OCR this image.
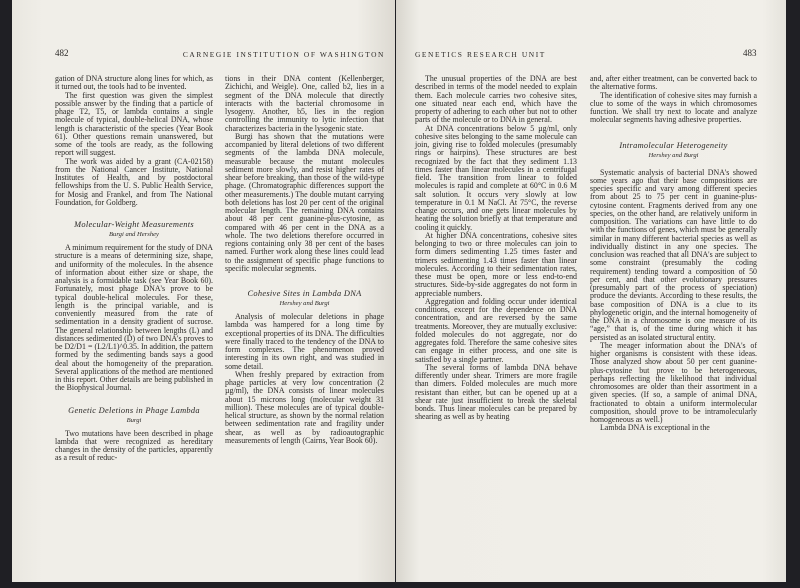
482	CARNEGIE INSTITUTION OF WASHINGTON

gation of DNA structure along lines for which, as it turned out, the tools had to be invented.

The first question was given the simplest possible answer by the finding that a particle of phage T2, T5, or lambda contains a single molecule of typical, double-helical DNA, whose length is characteristic of the species (Year Book 61). Other questions remain unanswered, but some of the tools are ready, as the following report will suggest.

The work was aided by a grant (CA-02158) from the National Cancer Institute, National Institutes of Health, and by postdoctoral fellowships from the U. S. Public Health Service, for Mosig and Frankel, and from The National Foundation, for Goldberg.

Molecular-Weight Measurements
Burgi and Hershey

A minimum requirement for the study of DNA structure is a means of determining size, shape, and uniformity of the molecules. In the absence of information about either size or shape, the analysis is a formidable task (see Year Book 60). Fortunately, most phage DNA's prove to be typical double-helical molecules. For these, length is the principal variable, and is conveniently measured from the rate of sedimentation in a density gradient of sucrose. The general relationship between lengths (L) and distances sedimented (D) of two DNA's proves to be D2/D1 = (L2/L1)^0.35. In addition, the pattern formed by the sedimenting bands says a good deal about the homogeneity of the preparation. Several applications of the method are mentioned in this report. Other details are being published in the Biophysical Journal.

Genetic Deletions in Phage Lambda
Burgi

Two mutations have been described in phage lambda that were recognized as hereditary changes in the density of the particles, apparently as a result of reduc-

tions in their DNA content (Kellenberger, Zichichi, and Weigle). One, called b2, lies in a segment of the DNA molecule that directly interacts with the bacterial chromosome in lysogeny. Another, b5, lies in the region controlling the immunity to lytic infection that characterizes bacteria in the lysogenic state.

Burgi has shown that the mutations were accompanied by literal deletions of two different segments of the lambda DNA molecule, measurable because the mutant molecules sediment more slowly, and resist higher rates of shear before breaking, than those of the wild-type phage. (Chromatographic differences support the other measurements.) The double mutant carrying both deletions has lost 20 per cent of the original molecular length. The remaining DNA contains about 48 per cent guanine-plus-cytosine, as compared with 46 per cent in the DNA as a whole. The two deletions therefore occurred in regions containing only 38 per cent of the bases named. Further work along these lines could lead to the assignment of specific phage functions to specific molecular segments.

Cohesive Sites in Lambda DNA
Hershey and Burgi

Analysis of molecular deletions in phage lambda was hampered for a long time by exceptional properties of its DNA. The difficulties were finally traced to the tendency of the DNA to form complexes. The phenomenon proved interesting in its own right, and was studied in some detail.

When freshly prepared by extraction from phage particles at very low concentration (2 µg/ml), the DNA consists of linear molecules about 15 microns long (molecular weight 31 million). These molecules are of typical double-helical structure, as shown by the normal relation between sedimentation rate and fragility under shear, as well as by radioautographic measurements of length (Cairns, Year Book 60).

GENETICS RESEARCH UNIT	483

The unusual properties of the DNA are best described in terms of the model needed to explain them. Each molecule carries two cohesive sites, one situated near each end, which have the property of adhering to each other but not to other parts of the molecule or to DNA in general.

At DNA concentrations below 5 µg/ml, only cohesive sites belonging to the same molecule can join, giving rise to folded molecules (presumably rings or hairpins). These structures are best recognized by the fact that they sediment 1.13 times faster than linear molecules in a centrifugal field. The transition from linear to folded molecules is rapid and complete at 60°C in 0.6 M salt solution. It occurs very slowly at low temperature in 0.1 M NaCl. At 75°C, the reverse change occurs, and one gets linear molecules by heating the solution briefly at that temperature and cooling it quickly.

At higher DNA concentrations, cohesive sites belonging to two or three molecules can join to form dimers sedimenting 1.25 times faster and trimers sedimenting 1.43 times faster than linear molecules. According to their sedimentation rates, these must be open, more or less end-to-end structures. Side-by-side aggregates do not form in appreciable numbers.

Aggregation and folding occur under identical conditions, except for the dependence on DNA concentration, and are reversed by the same treatments. Moreover, they are mutually exclusive: folded molecules do not aggregate, nor do aggregates fold. Therefore the same cohesive sites can engage in either process, and one site is satisfied by a single partner.

The several forms of lambda DNA behave differently under shear. Trimers are more fragile than dimers. Folded molecules are much more resistant than either, but can be opened up at a shear rate just insufficient to break the skeletal bonds. Thus linear molecules can be prepared by shearing as well as by heating

and, after either treatment, can be converted back to the alternative forms.

The identification of cohesive sites may furnish a clue to some of the ways in which chromosomes function. We shall try next to locate and analyze molecular segments having adhesive properties.

Intramolecular Heterogeneity
Hershey and Burgi

Systematic analysis of bacterial DNA's showed some years ago that their base compositions are species specific and vary among different species from about 25 to 75 per cent in guanine-plus-cytosine content. Fragments derived from any one species, on the other hand, are relatively uniform in composition. The variations can have little to do with the functions of genes, which must be generally similar in many different bacterial species as well as individually distinct in any one species. The conclusion was reached that all DNA's are subject to some constraint (presumably the coding requirement) tending toward a composition of 50 per cent, and that other evolutionary pressures (presumably part of the process of speciation) produce the deviants. According to these results, the base composition of DNA is a clue to its phylogenetic origin, and the internal homogeneity of the DNA in a chromosome is one measure of its “age,” that is, of the time during which it has persisted as an isolated structural entity.

The meager information about the DNA's of higher organisms is consistent with these ideas. Those analyzed show about 50 per cent guanine-plus-cytosine but prove to be heterogeneous, perhaps reflecting the likelihood that individual chromosomes are older than their assortment in a given species. (If so, a sample of animal DNA, fractionated to obtain a uniform intermolecular composition, should prove to be intramolecularly homogeneous as well.)

Lambda DNA is exceptional in the
